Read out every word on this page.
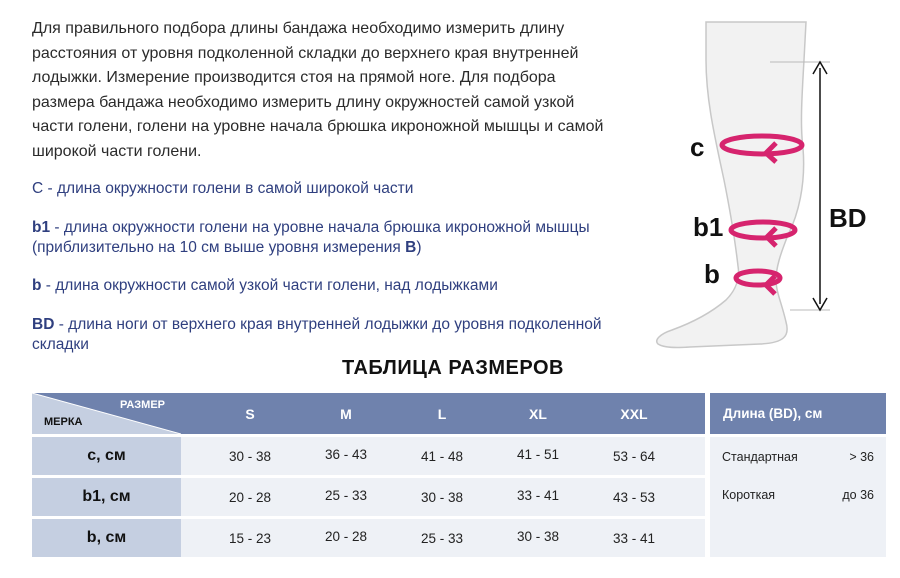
Для правильного подбора длины бандажа необходимо измерить длину
расстояния от уровня подколенной складки до верхнего края внутренней
лодыжки. Измерение производится стоя на прямой ноге. Для подбора
размера бандажа необходимо измерить длину окружностей самой узкой
части голени, голени на уровне начала брюшка икроножной мышцы и самой
широкой части голени.

C - длина окружности голени в самой широкой части

b1 - длина окружности голени на уровне начала брюшка икроножной мышцы (приблизительно на 10 см выше уровня измерения B)

b - длина окружности самой узкой части голени, над лодыжками

BD - длина ноги от верхнего края внутренней лодыжки до уровня подколенной складки

c
b1
b
BD
ТАБЛИЦА РАЗМЕРОВ
РАЗМЕР
МЕРКА
S	M	L	XL	XXL
c, см	30 - 38	36 - 43	41 - 48	41 - 51	53 - 64
b1, см	20 - 28	25 - 33	30 - 38	33 - 41	43 - 53
b, см	15 - 23	20 - 28	25 - 33	30 - 38	33 - 41
Длина (BD), см
Стандартная	> 36
Короткая	до 36
